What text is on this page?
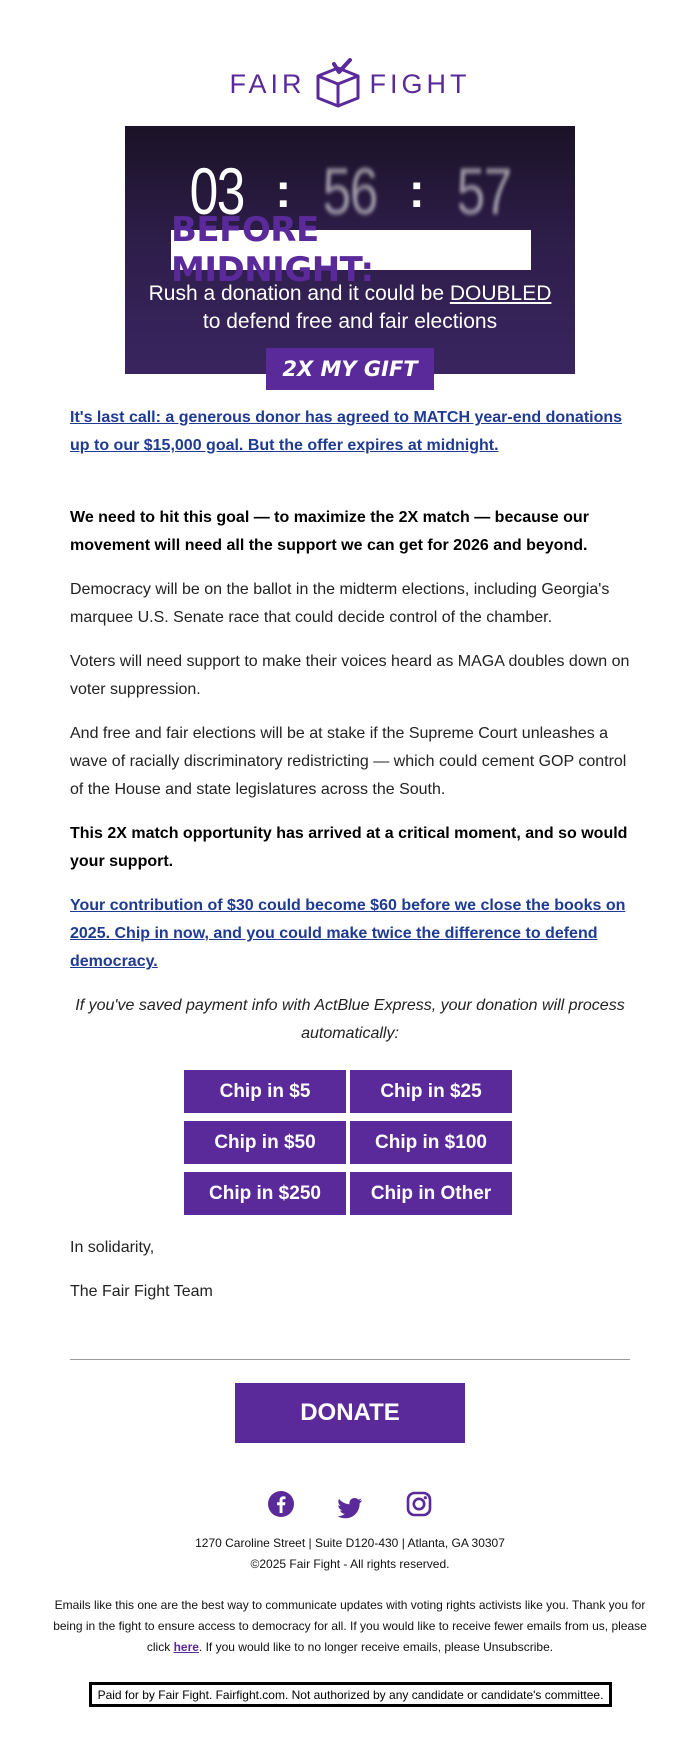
FAIR FIGHT
03 : 56 : 57
BEFORE MIDNIGHT:
Rush a donation and it could be DOUBLED
to defend free and fair elections
2X MY GIFT
It's last call: a generous donor has agreed to MATCH year-end donations up to our $15,000 goal. But the offer expires at midnight.
We need to hit this goal — to maximize the 2X match — because our movement will need all the support we can get for 2026 and beyond.
Democracy will be on the ballot in the midterm elections, including Georgia's marquee U.S. Senate race that could decide control of the chamber.
Voters will need support to make their voices heard as MAGA doubles down on voter suppression.
And free and fair elections will be at stake if the Supreme Court unleashes a wave of racially discriminatory redistricting — which could cement GOP control of the House and state legislatures across the South.
This 2X match opportunity has arrived at a critical moment, and so would your support.
Your contribution of $30 could become $60 before we close the books on 2025. Chip in now, and you could make twice the difference to defend democracy.
If you've saved payment info with ActBlue Express, your donation will process automatically:
Chip in $5	Chip in $25
Chip in $50	Chip in $100
Chip in $250	Chip in Other
In solidarity,
The Fair Fight Team
DONATE
1270 Caroline Street | Suite D120-430 | Atlanta, GA 30307
©2025 Fair Fight - All rights reserved.
Emails like this one are the best way to communicate updates with voting rights activists like you. Thank you for being in the fight to ensure access to democracy for all. If you would like to receive fewer emails from us, please click here. If you would like to no longer receive emails, please Unsubscribe.
Paid for by Fair Fight. Fairfight.com. Not authorized by any candidate or candidate's committee.
